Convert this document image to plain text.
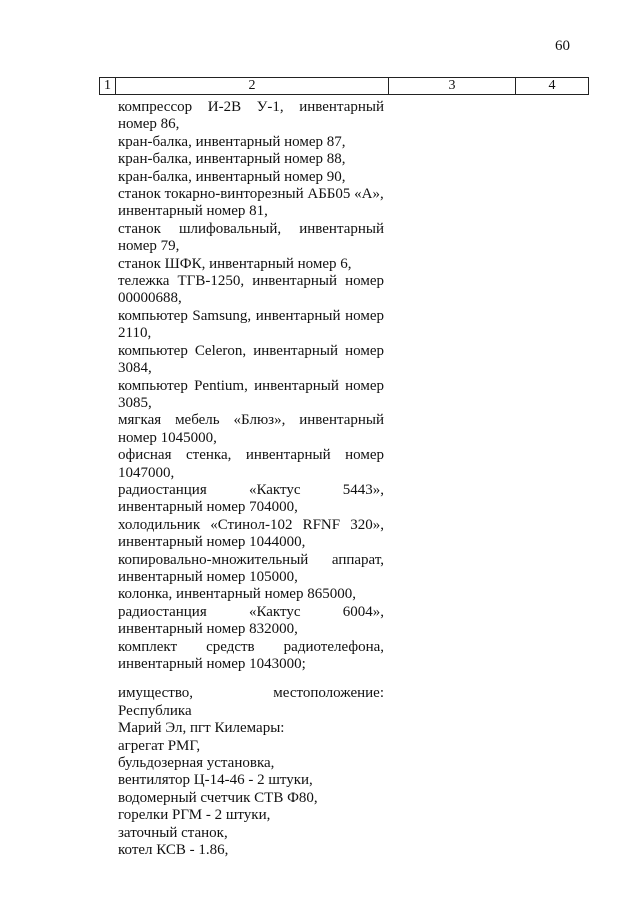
60
1	2	3	4
компрессор И-2В У-1, инвентарный
номер 86,
кран-балка, инвентарный номер 87,
кран-балка, инвентарный номер 88,
кран-балка, инвентарный номер 90,
станок токарно-винторезный АББ05 «А»,
инвентарный номер 81,
станок шлифовальный, инвентарный
номер 79,
станок ШФК, инвентарный номер 6,
тележка ТГВ-1250, инвентарный номер
00000688,
компьютер Samsung, инвентарный номер
2110,
компьютер Celeron, инвентарный номер
3084,
компьютер Pentium, инвентарный номер
3085,
мягкая мебель «Блюз», инвентарный
номер 1045000,
офисная стенка, инвентарный номер
1047000,
радиостанция «Кактус 5443»,
инвентарный номер 704000,
холодильник «Стинол-102 RFNF 320»,
инвентарный номер 1044000,
копировально-множительный аппарат,
инвентарный номер 105000,
колонка, инвентарный номер 865000,
радиостанция «Кактус 6004»,
инвентарный номер 832000,
комплект средств радиотелефона,
инвентарный номер 1043000;
имущество, местоположение: Республика
Марий Эл, пгт Килемары:
агрегат РМГ,
бульдозерная установка,
вентилятор Ц-14-46 - 2 штуки,
водомерный счетчик СТВ Ф80,
горелки РГМ - 2 штуки,
заточный станок,
котел КСВ - 1.86,
